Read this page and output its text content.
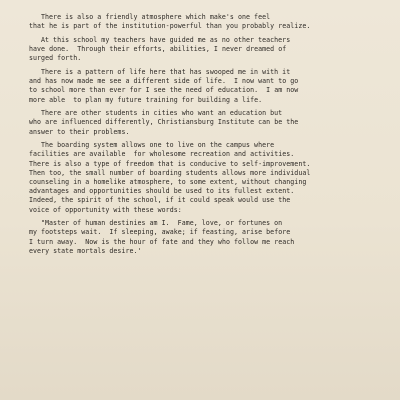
There is also a friendly atmosphere which make's one feel
that he is part of the institution-powerful than you probably realize.
At this school my teachers have guided me as no other teachers
have done.  Through their efforts, abilities, I never dreamed of
surged forth.
There is a pattern of life here that has swooped me in with it
and has now made me see a different side of life.  I now want to go
to school more than ever for I see the need of education.  I am now
more able  to plan my future training for building a life.
There are other students in cities who want an education but
who are influenced differently, Christiansburg Institute can be the
answer to their problems.
The boarding system allows one to live on the campus where
facilities are available  for wholesome recreation and activities.
There is also a type of freedom that is conducive to self-improvement.
Then too, the small number of boarding students allows more individual
counseling in a homelike atmosphere, to some extent, without changing
advantages and opportunities should be used to its fullest extent.
Indeed, the spirit of the school, if it could speak would use the
voice of opportunity with these words:
"Master of human destinies am I.  Fame, love, or fortunes on
my footsteps wait.  If sleeping, awake; if feasting, arise before
I turn away.  Now is the hour of fate and they who follow me reach
every state mortals desire.'
